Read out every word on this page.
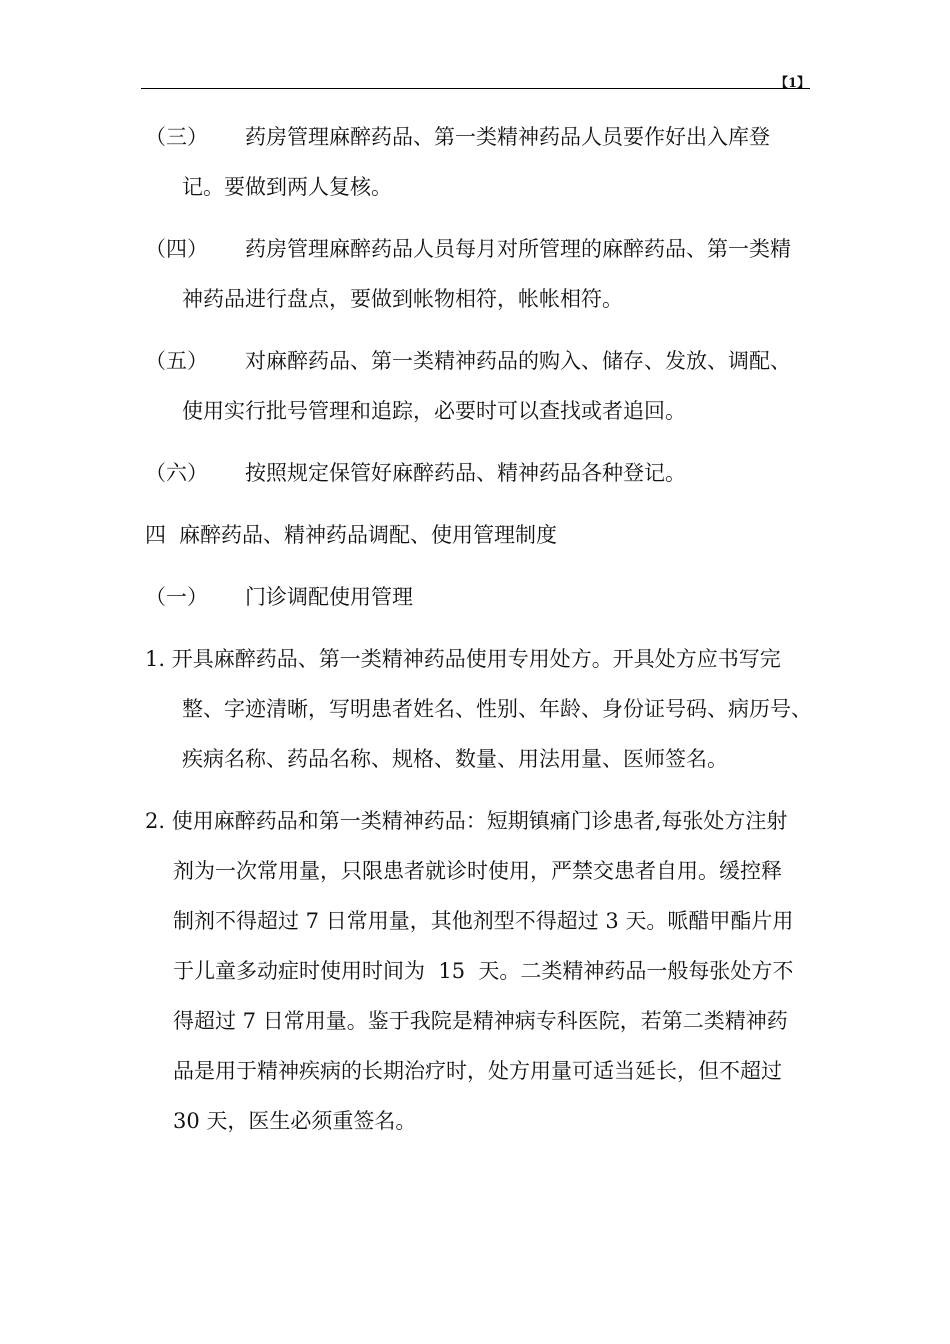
【1】
（三） 药房管理麻醉药品、第一类精神药品人员要作好出入库登
记。要做到两人复核。
（四） 药房管理麻醉药品人员每月对所管理的麻醉药品、第一类精
神药品进行盘点，要做到帐物相符，帐帐相符。
（五） 对麻醉药品、第一类精神药品的购入、储存、发放、调配、
使用实行批号管理和追踪，必要时可以查找或者追回。
（六） 按照规定保管好麻醉药品、精神药品各种登记。
四 麻醉药品、精神药品调配、使用管理制度
（一） 门诊调配使用管理
1. 开具麻醉药品、第一类精神药品使用专用处方。开具处方应书写完
整、字迹清晰，写明患者姓名、性别、年龄、身份证号码、病历号、
疾病名称、药品名称、规格、数量、用法用量、医师签名。
2. 使用麻醉药品和第一类精神药品：短期镇痛门诊患者,每张处方注射
剂为一次常用量，只限患者就诊时使用，严禁交患者自用。缓控释
制剂不得超过 7 日常用量，其他剂型不得超过 3 天。哌醋甲酯片用
于儿童多动症时使用时间为  15  天。二类精神药品一般每张处方不
得超过 7 日常用量。鉴于我院是精神病专科医院，若第二类精神药
品是用于精神疾病的长期治疗时，处方用量可适当延长，但不超过
30 天，医生必须重签名。
